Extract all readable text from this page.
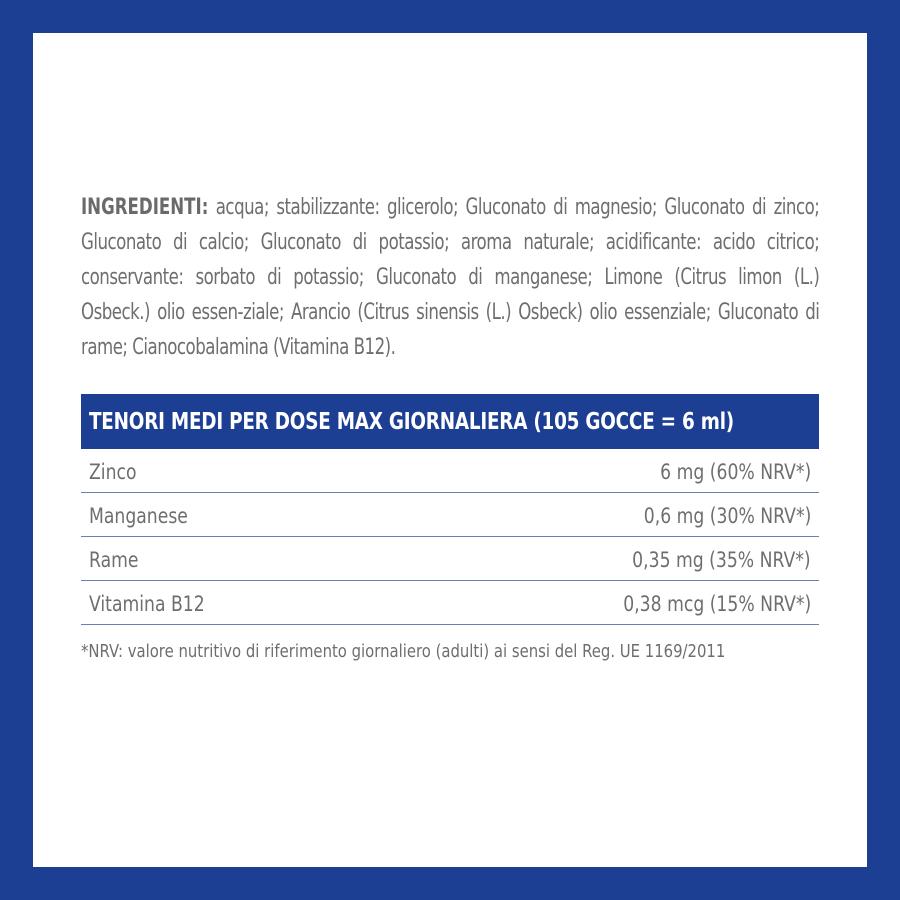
INGREDIENTI: acqua; stabilizzante: glicerolo; Gluconato di magnesio; Gluconato di zinco; Gluconato di calcio; Gluconato di potassio; aroma naturale; acidificante: acido citrico; conservante: sorbato di potassio; Gluconato di manganese; Limone (Citrus limon (L.) Osbeck.) olio essen-ziale; Arancio (Citrus sinensis (L.) Osbeck) olio essenziale; Gluconato di rame; Cianocobalamina (Vitamina B12).

TENORI MEDI PER DOSE MAX GIORNALIERA (105 GOCCE = 6 ml)
Zinco	6 mg (60% NRV*)
Manganese	0,6 mg (30% NRV*)
Rame	0,35 mg (35% NRV*)
Vitamina B12	0,38 mcg (15% NRV*)
*NRV: valore nutritivo di riferimento giornaliero (adulti) ai sensi del Reg. UE 1169/2011
